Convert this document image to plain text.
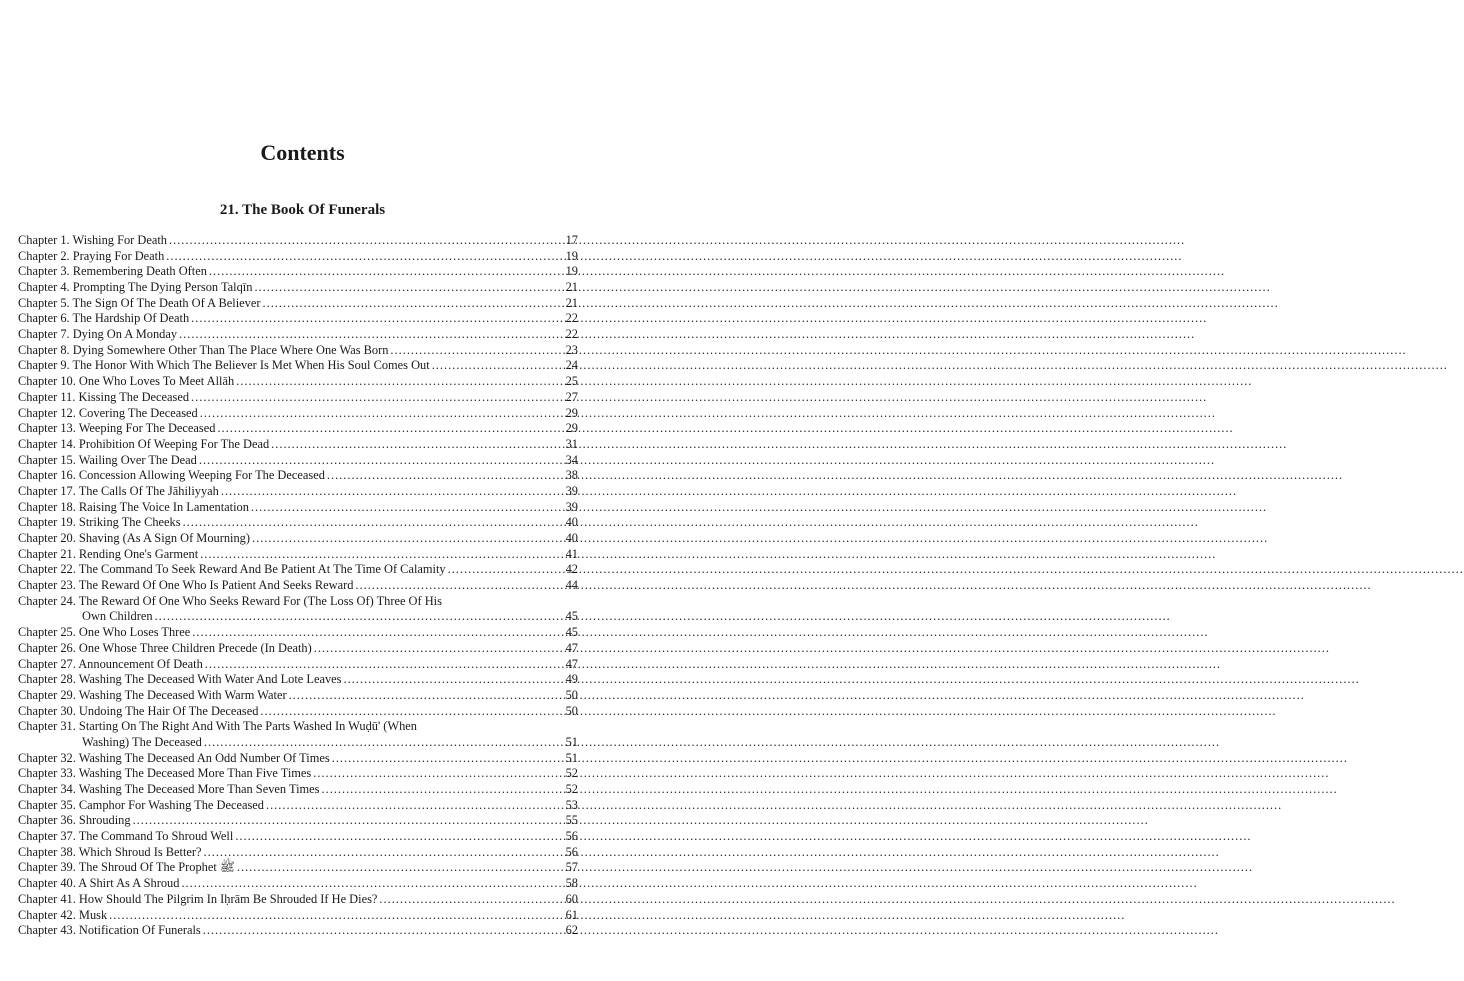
Contents
21. The Book Of Funerals
Chapter 1. Wishing For Death .....	17
Chapter 2. Praying For Death .....	19
Chapter 3. Remembering Death Often .....	19
Chapter 4. Prompting The Dying Person Talqīn .....	21
Chapter 5. The Sign Of The Death Of A Believer .....	21
Chapter 6. The Hardship Of Death .....	22
Chapter 7. Dying On A Monday .....	22
Chapter 8. Dying Somewhere Other Than The Place Where One Was Born .....	23
Chapter 9. The Honor With Which The Believer Is Met When His Soul Comes Out .....	24
Chapter 10. One Who Loves To Meet Allāh .....	25
Chapter 11. Kissing The Deceased .....	27
Chapter 12. Covering The Deceased .....	29
Chapter 13. Weeping For The Deceased .....	29
Chapter 14. Prohibition Of Weeping For The Dead .....	31
Chapter 15. Wailing Over The Dead .....	34
Chapter 16. Concession Allowing Weeping For The Deceased .....	38
Chapter 17. The Calls Of The Jāhiliyyah .....	39
Chapter 18. Raising The Voice In Lamentation .....	39
Chapter 19. Striking The Cheeks .....	40
Chapter 20. Shaving (As A Sign Of Mourning) .....	40
Chapter 21. Rending One's Garment .....	41
Chapter 22. The Command To Seek Reward And Be Patient At The Time Of Calamity .....	42
Chapter 23. The Reward Of One Who Is Patient And Seeks Reward .....	44
Chapter 24. The Reward Of One Who Seeks Reward For (The Loss Of) Three Of His
Own Children .....	45
Chapter 25. One Who Loses Three .....	45
Chapter 26. One Whose Three Children Precede (In Death) .....	47
Chapter 27. Announcement Of Death .....	47
Chapter 28. Washing The Deceased With Water And Lote Leaves .....	49
Chapter 29. Washing The Deceased With Warm Water .....	50
Chapter 30. Undoing The Hair Of The Deceased .....	50
Chapter 31. Starting On The Right And With The Parts Washed In Wuḍū' (When
Washing) The Deceased .....	51
Chapter 32. Washing The Deceased An Odd Number Of Times .....	51
Chapter 33. Washing The Deceased More Than Five Times .....	52
Chapter 34. Washing The Deceased More Than Seven Times .....	52
Chapter 35. Camphor For Washing The Deceased .....	53
Chapter 36. Shrouding .....	55
Chapter 37. The Command To Shroud Well .....	56
Chapter 38. Which Shroud Is Better? .....	56
Chapter 39. The Shroud Of The Prophet ﷺ .....	57
Chapter 40. A Shirt As A Shroud .....	58
Chapter 41. How Should The Pilgrim In Iḥrām Be Shrouded If He Dies? .....	60
Chapter 42. Musk .....	61
Chapter 43. Notification Of Funerals .....	62
